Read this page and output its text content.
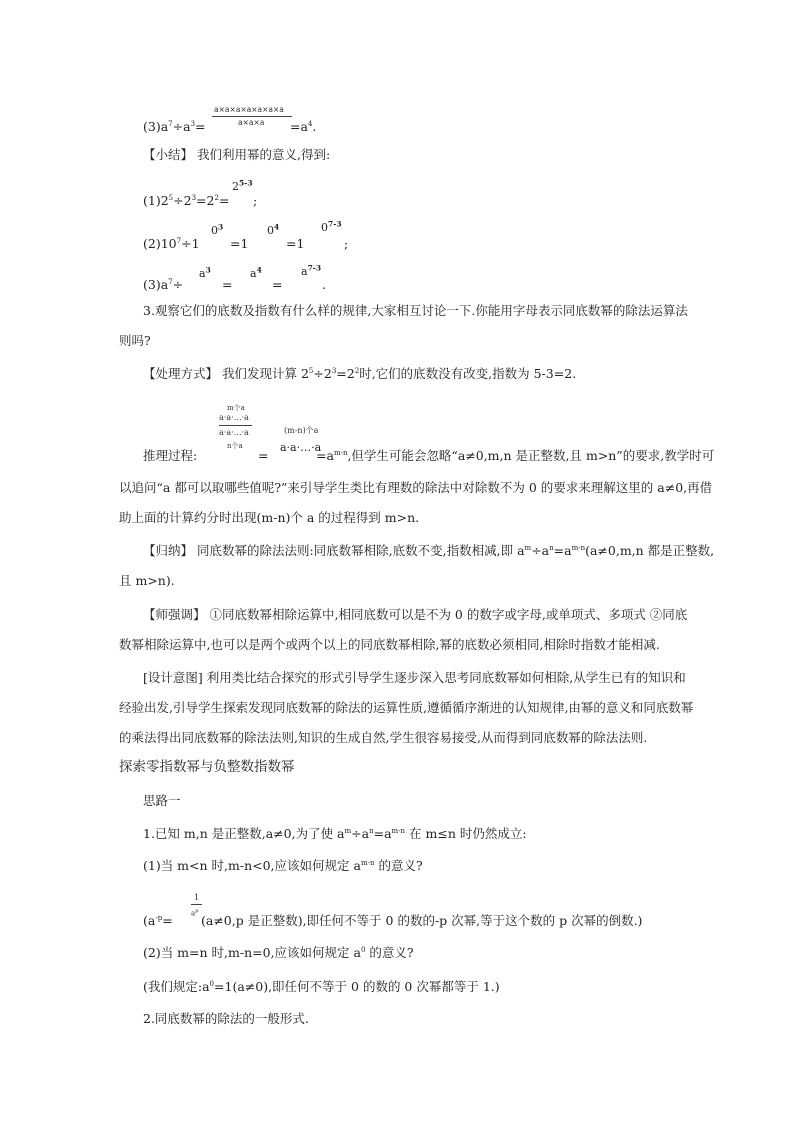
$(3)a^7\div a^3=$
a×a×a×a×a×a×a
$a\times a\times a =a^4$.
【小结】 我们利用幂的意义,得到:
$(1)2^5\div 2^3=2^2=$
$2^{5-3}$
;
$(2)10^7\div 1$
$0^3$
=1
$0^4$
=1
0$^{7-3}$
;
$(3)a^7\div$
$a^3$
=
$a^4$
=
$a^{7-3}$
.
3.观察它们的底数及指数有什么样的规律,大家相互讨论一下.你能用字母表示同底数幂的除法运算法
则吗?
【处理方式】 我们发现计算 $2^5\div 2^3=2^2$时,它们的底数没有改变,指数为 5-3=2.
m个a
a·a·…·a
a·a·…·a
n个a
=
(m-n)个a
a·a·…·a
推理过程:	$=a^{m-n}$,但学生可能会忽略“a≠0,m,n 是正整数,且 m>n”的要求,教学时可
以追问“a 都可以取哪些值呢?”来引导学生类比有理数的除法中对除数不为 0 的要求来理解这里的 a≠0,再借
助上面的计算约分时出现(m-n)个 a 的过程得到 m>n.
【归纳】 同底数幂的除法法则:同底数幂相除,底数不变,指数相减,即 $a^m\div a^n=a^{m-n}(a\ne 0,m,n$ 都是正整数,
且 m>n).
【师强调】 ①同底数幂相除运算中,相同底数可以是不为 0 的数字或字母,或单项式、多项式 ②同底
数幂相除运算中,也可以是两个或两个以上的同底数幂相除,幂的底数必须相同,相除时指数才能相减.
[设计意图] 利用类比结合探究的形式引导学生逐步深入思考同底数幂如何相除,从学生已有的知识和
经验出发,引导学生探索发现同底数幂的除法的运算性质,遵循循序渐进的认知规律,由幂的意义和同底数幂
的乘法得出同底数幂的除法法则,知识的生成自然,学生很容易接受,从而得到同底数幂的除法法则.
探索零指数幂与负整数指数幂
思路一
1.已知 m,n 是正整数,a≠0,为了使 $a^m\div a^n=a^{m-n}$ 在 m≤n 时仍然成立:
(1)当 m<n 时,m-n<0,应该如何规定 $a^{m-n}$ 的意义?
1
$a^p$
($a^{-p}= (a\ne 0,p$ 是正整数),即任何不等于 0 的数的-p 次幂,等于这个数的 p 次幂的倒数.)
(2)当 m=n 时,m-n=0,应该如何规定 $a^0$ 的意义?
(我们规定$:a^0=1(a\ne 0)$,即任何不等于 0 的数的 0 次幂都等于 1.)
2.同底数幂的除法的一般形式.
